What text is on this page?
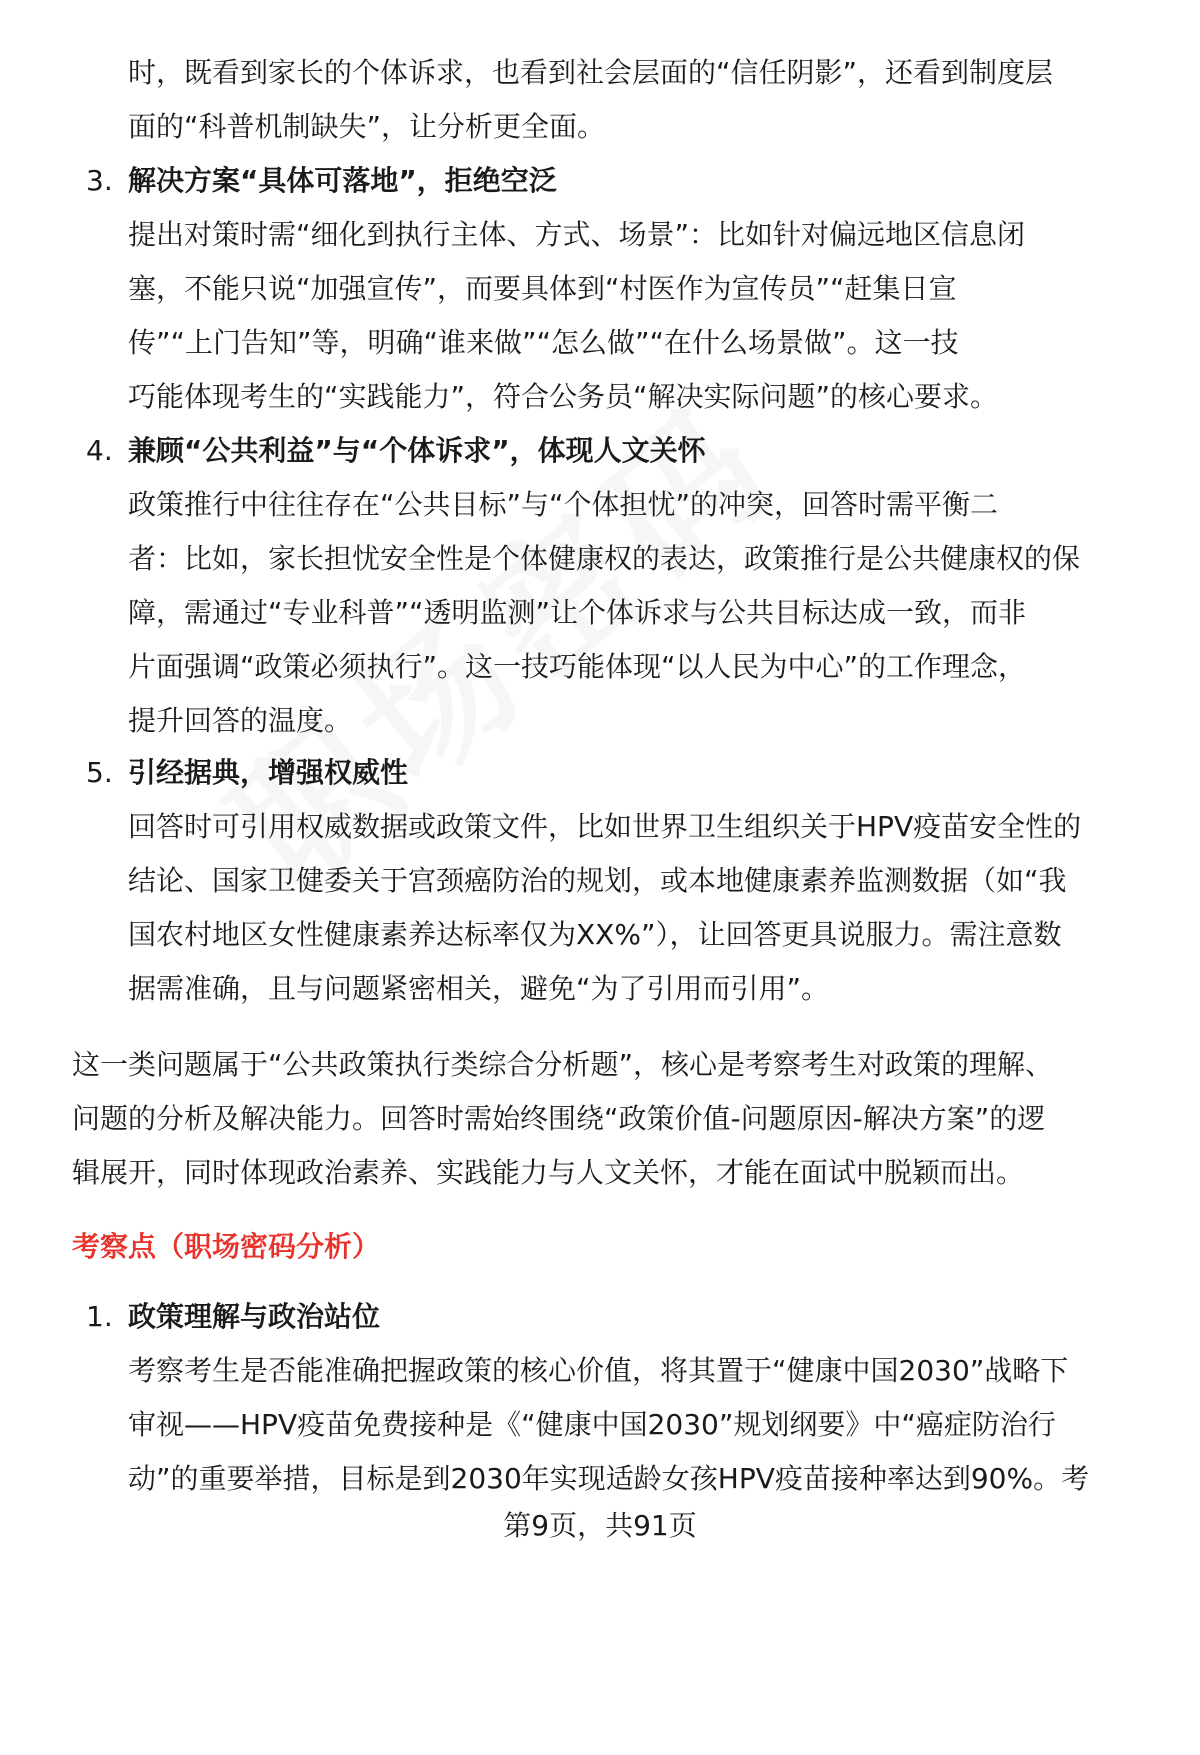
时，既看到家长的个体诉求，也看到社会层面的“信任阴影”，还看到制度层
面的“科普机制缺失”，让分析更全面。
3. 解决方案“具体可落地”，拒绝空泛
提出对策时需“细化到执行主体、方式、场景”：比如针对偏远地区信息闭
塞，不能只说“加强宣传”，而要具体到“村医作为宣传员”“赶集日宣
传”“上门告知”等，明确“谁来做”“怎么做”“在什么场景做”。这一技
巧能体现考生的“实践能力”，符合公务员“解决实际问题”的核心要求。
4. 兼顾“公共利益”与“个体诉求”，体现人文关怀
政策推行中往往存在“公共目标”与“个体担忧”的冲突，回答时需平衡二
者：比如，家长担忧安全性是个体健康权的表达，政策推行是公共健康权的保
障，需通过“专业科普”“透明监测”让个体诉求与公共目标达成一致，而非
片面强调“政策必须执行”。这一技巧能体现“以人民为中心”的工作理念，
提升回答的温度。
5. 引经据典，增强权威性
回答时可引用权威数据或政策文件，比如世界卫生组织关于HPV疫苗安全性的
结论、国家卫健委关于宫颈癌防治的规划，或本地健康素养监测数据（如“我
国农村地区女性健康素养达标率仅为XX%”），让回答更具说服力。需注意数
据需准确，且与问题紧密相关，避免“为了引用而引用”。
这一类问题属于“公共政策执行类综合分析题”，核心是考察考生对政策的理解、
问题的分析及解决能力。回答时需始终围绕“政策价值-问题原因-解决方案”的逻
辑展开，同时体现政治素养、实践能力与人文关怀，才能在面试中脱颖而出。
考察点（职场密码分析）
1. 政策理解与政治站位
考察考生是否能准确把握政策的核心价值，将其置于“健康中国2030”战略下
审视——HPV疫苗免费接种是《“健康中国2030”规划纲要》中“癌症防治行
动”的重要举措，目标是到2030年实现适龄女孩HPV疫苗接种率达到90%。考
第9页，共91页
